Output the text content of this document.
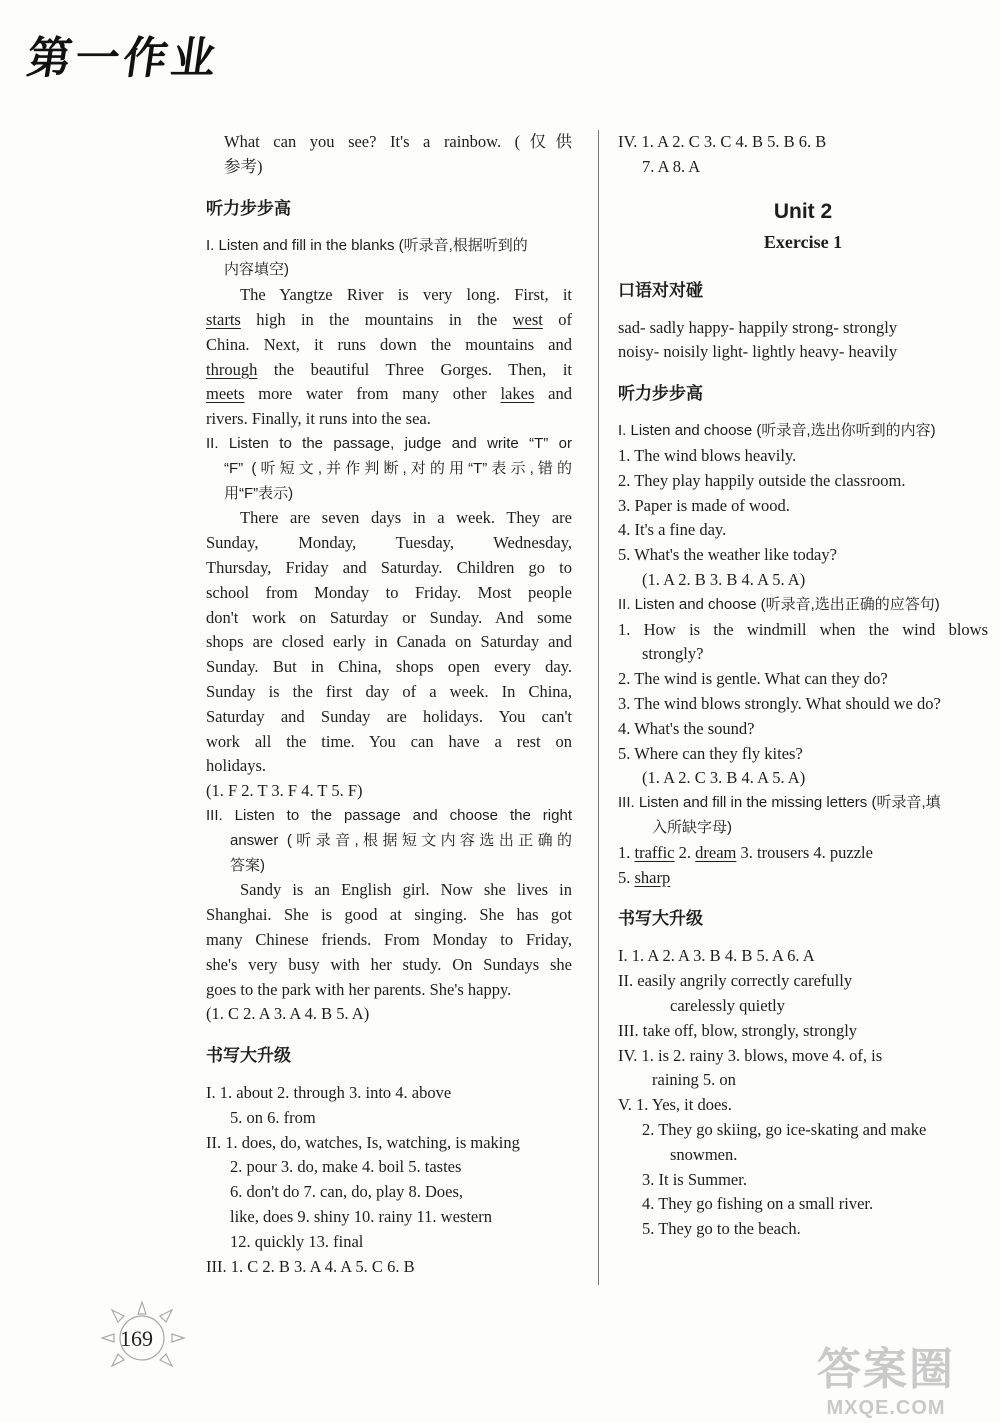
第一作业
What can you see? It's a rainbow. (仅供
参考)
听力步步高
I. Listen and fill in the blanks (听录音,根据听到的
内容填空)
The Yangtze River is very long. First, it
starts high in the mountains in the west of
China. Next, it runs down the mountains and
through the beautiful Three Gorges. Then, it
meets more water from many other lakes and
rivers. Finally, it runs into the sea.
II. Listen to the passage, judge and write “T” or
“F” (听短文,并作判断,对的用“T”表示,错的
用“F”表示)
There are seven days in a week. They are
Sunday, Monday, Tuesday, Wednesday,
Thursday, Friday and Saturday. Children go to
school from Monday to Friday. Most people
don't work on Saturday or Sunday. And some
shops are closed early in Canada on Saturday and
Sunday. But in China, shops open every day.
Sunday is the first day of a week. In China,
Saturday and Sunday are holidays. You can't
work all the time. You can have a rest on
holidays.
(1. F 2. T 3. F 4. T 5. F)
III. Listen to the passage and choose the right
answer (听录音,根据短文内容选出正确的
答案)
Sandy is an English girl. Now she lives in
Shanghai. She is good at singing. She has got
many Chinese friends. From Monday to Friday,
she's very busy with her study. On Sundays she
goes to the park with her parents. She's happy.
(1. C 2. A 3. A 4. B 5. A)
书写大升级
I. 1. about 2. through 3. into 4. above
5. on 6. from
II. 1. does, do, watches, Is, watching, is making
2. pour 3. do, make 4. boil 5. tastes
6. don't do 7. can, do, play 8. Does,
like, does 9. shiny 10. rainy 11. western
12. quickly 13. final
III. 1. C 2. B 3. A 4. A 5. C 6. B
IV. 1. A 2. C 3. C 4. B 5. B 6. B
7. A 8. A
Unit 2
Exercise 1
口语对对碰
sad- sadly happy- happily strong- strongly
noisy- noisily light- lightly heavy- heavily
听力步步高
I. Listen and choose (听录音,选出你听到的内容)
1. The wind blows heavily.
2. They play happily outside the classroom.
3. Paper is made of wood.
4. It's a fine day.
5. What's the weather like today?
(1. A 2. B 3. B 4. A 5. A)
II. Listen and choose (听录音,选出正确的应答句)
1. How is the windmill when the wind blows
strongly?
2. The wind is gentle. What can they do?
3. The wind blows strongly. What should we do?
4. What's the sound?
5. Where can they fly kites?
(1. A 2. C 3. B 4. A 5. A)
III. Listen and fill in the missing letters (听录音,填
入所缺字母)
1. traffic 2. dream 3. trousers 4. puzzle
5. sharp
书写大升级
I. 1. A 2. A 3. B 4. B 5. A 6. A
II. easily angrily correctly carefully
carelessly quietly
III. take off, blow, strongly, strongly
IV. 1. is 2. rainy 3. blows, move 4. of, is
raining 5. on
V. 1. Yes, it does.
2. They go skiing, go ice-skating and make
snowmen.
3. It is Summer.
4. They go fishing on a small river.
5. They go to the beach.
169
答案圈
MXQE.COM
